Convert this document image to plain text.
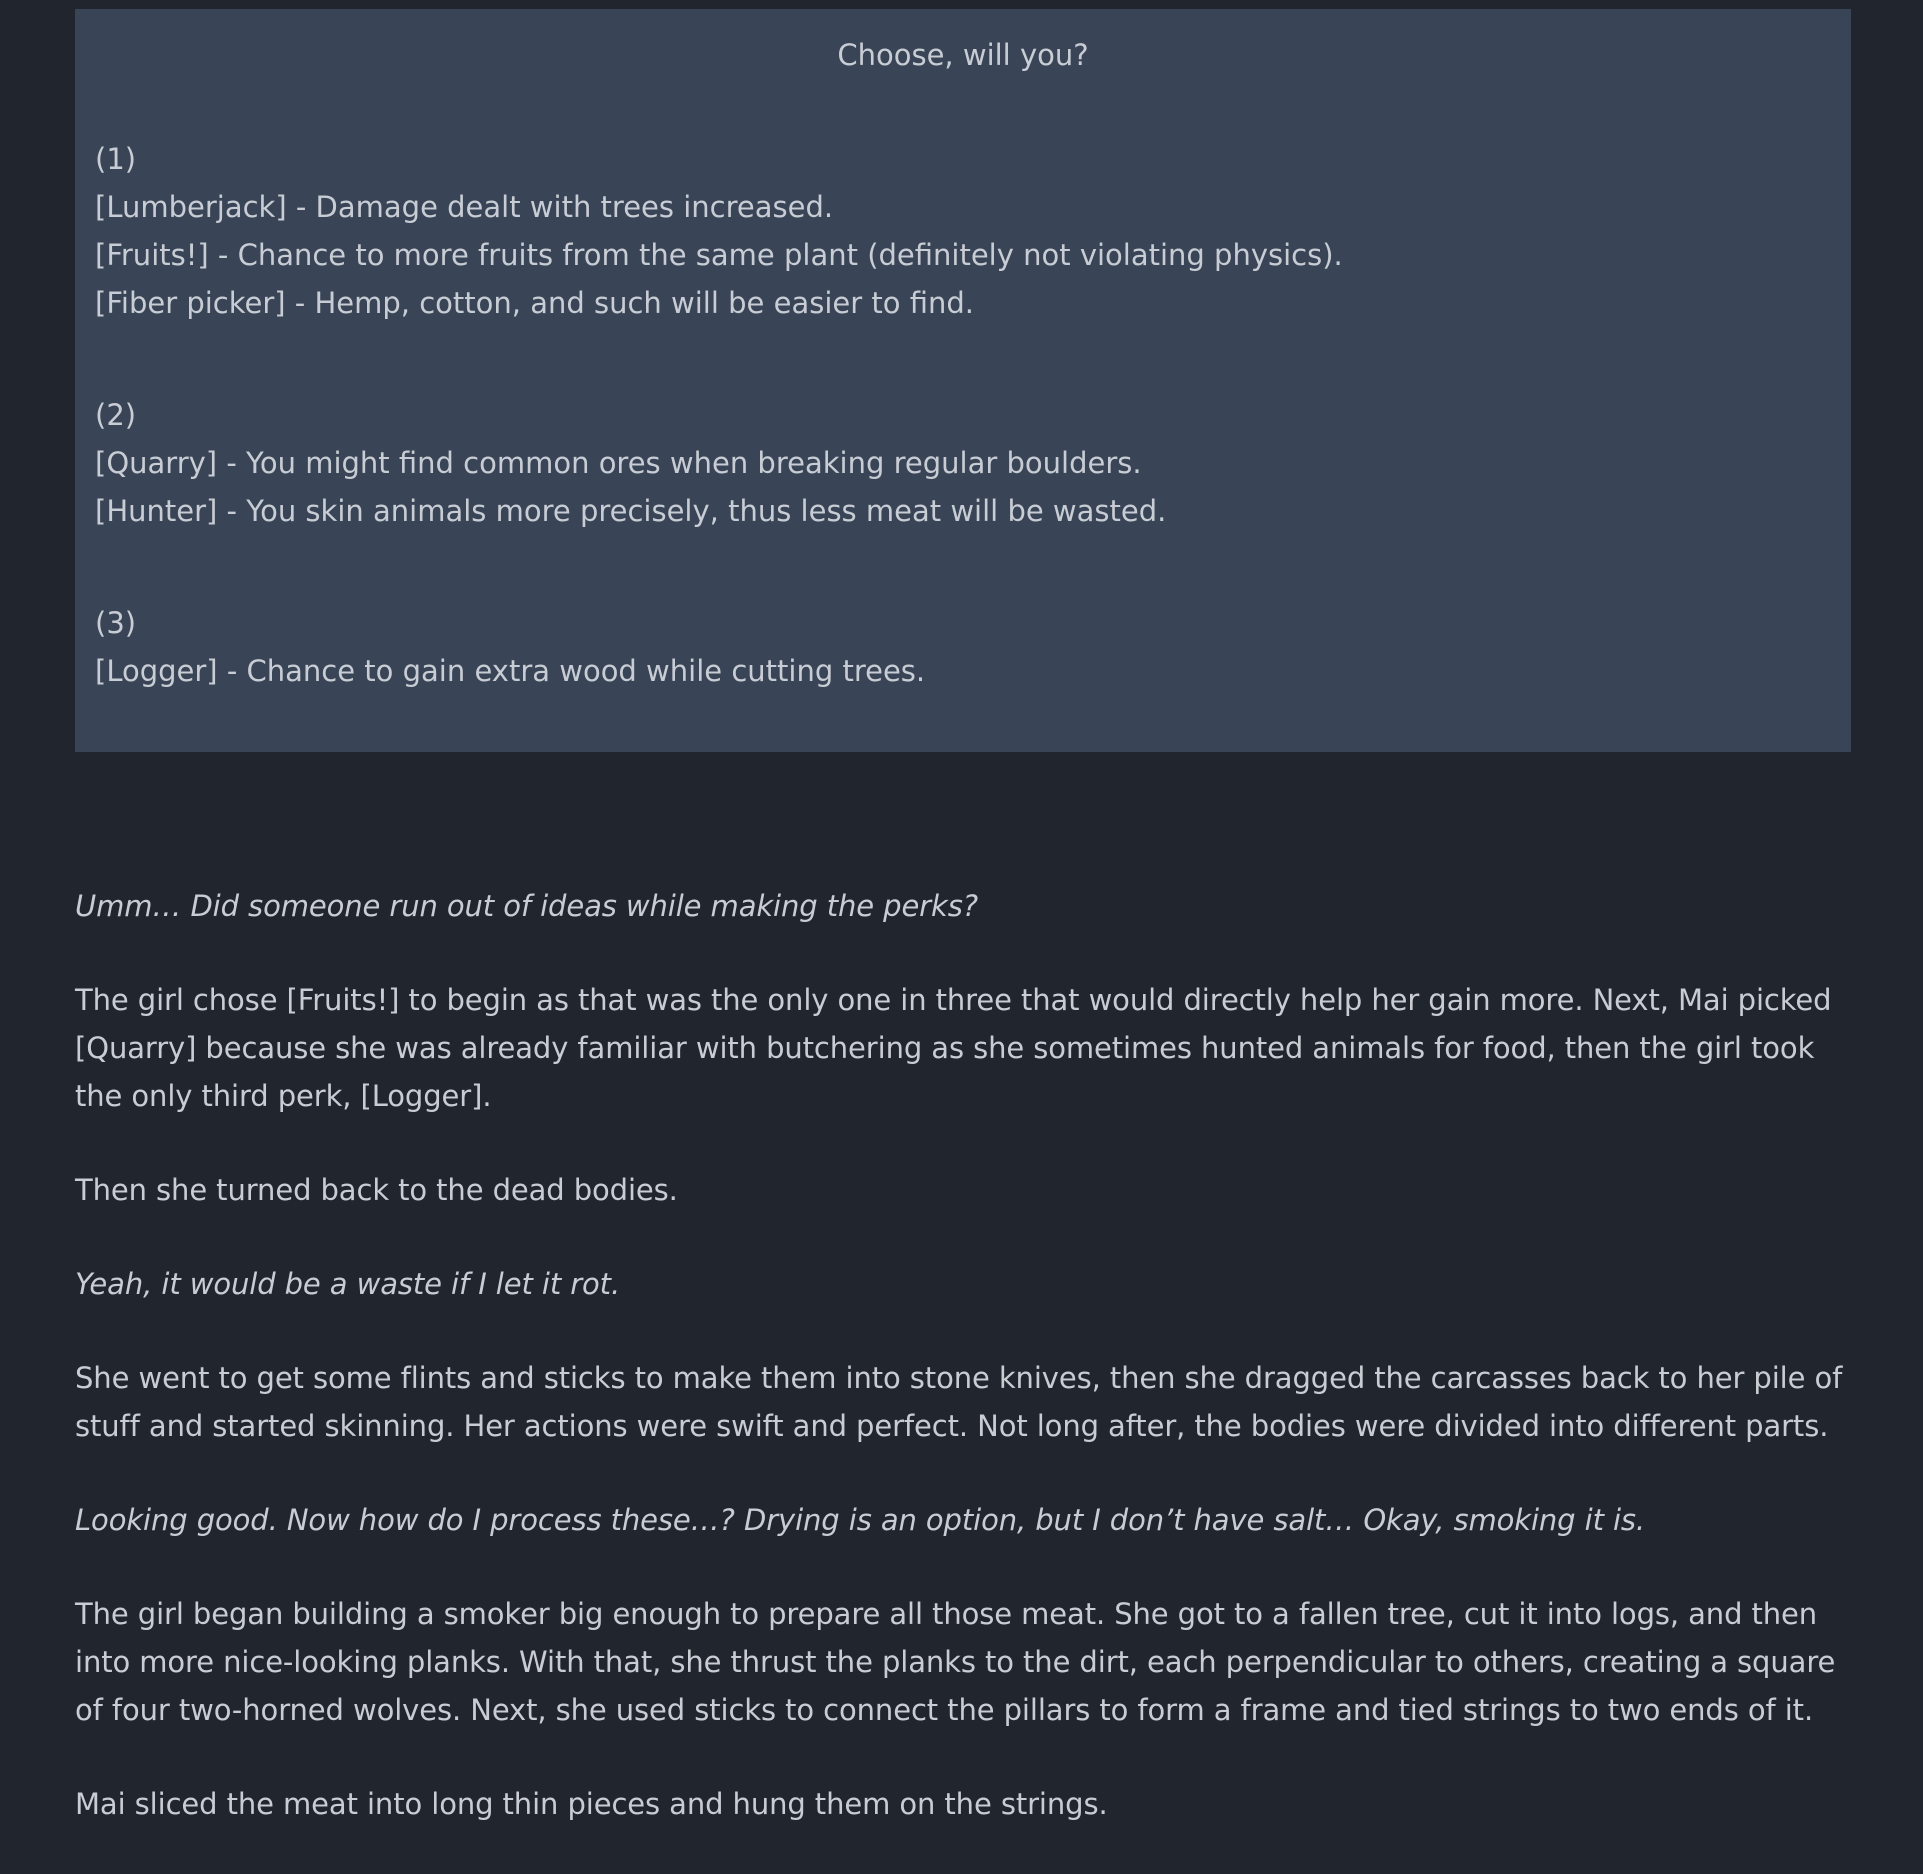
Choose, will you?

(1)

[Lumberjack] - Damage dealt with trees increased.

[Fruits!] - Chance to more fruits from the same plant (definitely not violating physics).

[Fiber picker] - Hemp, cotton, and such will be easier to find.

(2)

[Quarry] - You might find common ores when breaking regular boulders.

[Hunter] - You skin animals more precisely, thus less meat will be wasted.

(3)

[Logger] - Chance to gain extra wood while cutting trees.

Umm… Did someone run out of ideas while making the perks?

The girl chose [Fruits!] to begin as that was the only one in three that would directly help her gain more. Next, Mai picked [Quarry] because she was already familiar with butchering as she sometimes hunted animals for food, then the girl took the only third perk, [Logger].

Then she turned back to the dead bodies.

Yeah, it would be a waste if I let it rot.

She went to get some flints and sticks to make them into stone knives, then she dragged the carcasses back to her pile of stuff and started skinning. Her actions were swift and perfect. Not long after, the bodies were divided into different parts.

Looking good. Now how do I process these…? Drying is an option, but I don’t have salt… Okay, smoking it is.

The girl began building a smoker big enough to prepare all those meat. She got to a fallen tree, cut it into logs, and then into more nice-looking planks. With that, she thrust the planks to the dirt, each perpendicular to others, creating a square of four two-horned wolves. Next, she used sticks to connect the pillars to form a frame and tied strings to two ends of it.

Mai sliced the meat into long thin pieces and hung them on the strings.
